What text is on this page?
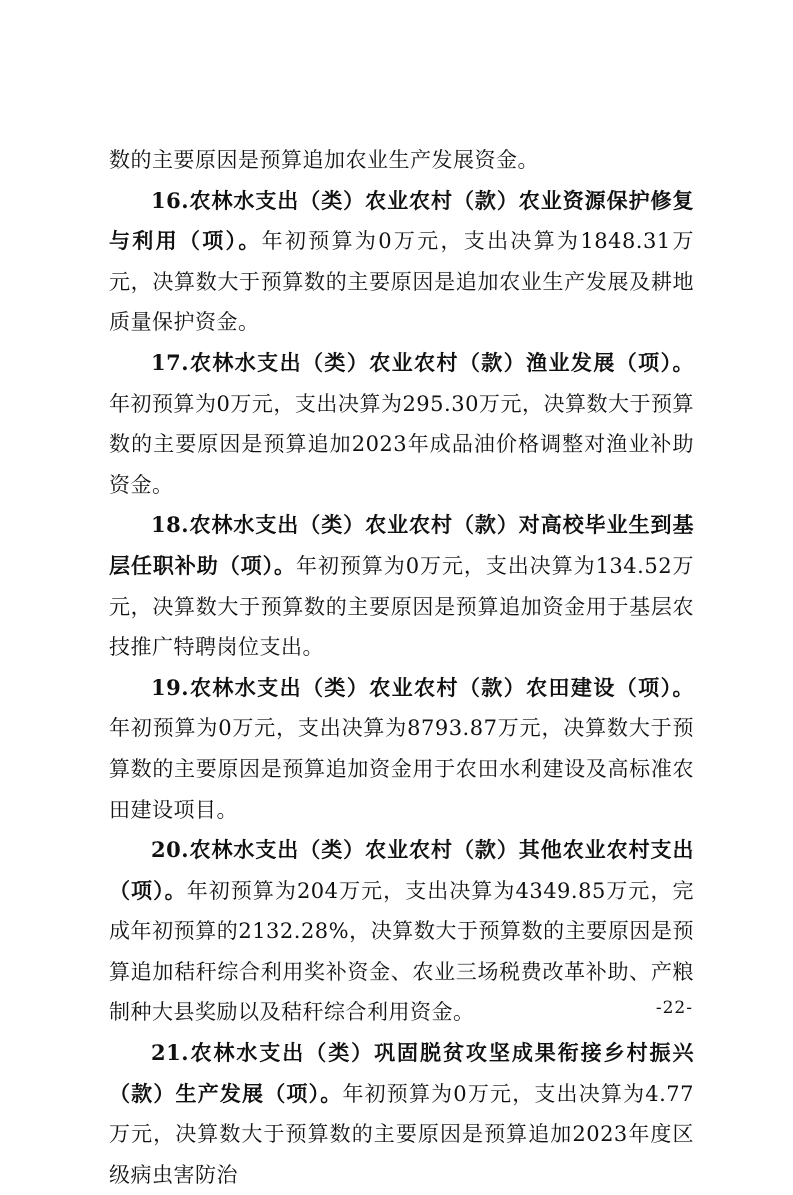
数的主要原因是预算追加农业生产发展资金。

16.农林水支出（类）农业农村（款）农业资源保护修复与利用（项）。年初预算为0万元，支出决算为1848.31万元，决算数大于预算数的主要原因是追加农业生产发展及耕地质量保护资金。

17.农林水支出（类）农业农村（款）渔业发展（项）。年初预算为0万元，支出决算为295.30万元，决算数大于预算数的主要原因是预算追加2023年成品油价格调整对渔业补助资金。

18.农林水支出（类）农业农村（款）对高校毕业生到基层任职补助（项）。年初预算为0万元，支出决算为134.52万元，决算数大于预算数的主要原因是预算追加资金用于基层农技推广特聘岗位支出。

19.农林水支出（类）农业农村（款）农田建设（项）。年初预算为0万元，支出决算为8793.87万元，决算数大于预算数的主要原因是预算追加资金用于农田水利建设及高标准农田建设项目。

20.农林水支出（类）农业农村（款）其他农业农村支出（项）。年初预算为204万元，支出决算为4349.85万元，完成年初预算的2132.28%，决算数大于预算数的主要原因是预算追加秸秆综合利用奖补资金、农业三场税费改革补助、产粮制种大县奖励以及秸秆综合利用资金。

21.农林水支出（类）巩固脱贫攻坚成果衔接乡村振兴（款）生产发展（项）。年初预算为0万元，支出决算为4.77万元，决算数大于预算数的主要原因是预算追加2023年度区级病虫害防治

-22-
